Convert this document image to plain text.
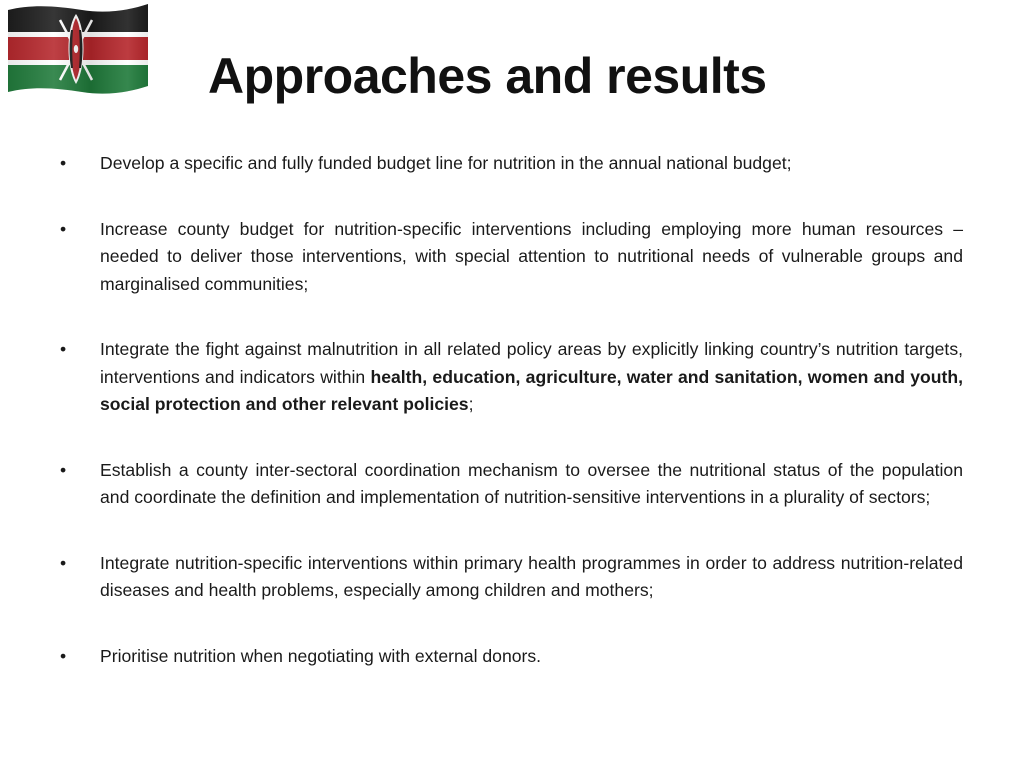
Approaches and results
•	Develop a specific and fully funded budget line for nutrition in the annual national budget;
•	Increase county budget for nutrition-specific interventions including employing more human resources – needed to deliver those interventions, with special attention to nutritional needs of vulnerable groups and marginalised communities;
•	Integrate the fight against malnutrition in all related policy areas by explicitly linking country’s nutrition targets, interventions and indicators within health, education, agriculture, water and sanitation, women and youth, social protection and other relevant policies;
•	Establish a county inter-sectoral coordination mechanism to oversee the nutritional status of the population and coordinate the definition and implementation of nutrition-sensitive interventions in a plurality of sectors;
•	Integrate nutrition-specific interventions within primary health programmes in order to address nutrition-related diseases and health problems, especially among children and mothers;
•	Prioritise nutrition when negotiating with external donors.
